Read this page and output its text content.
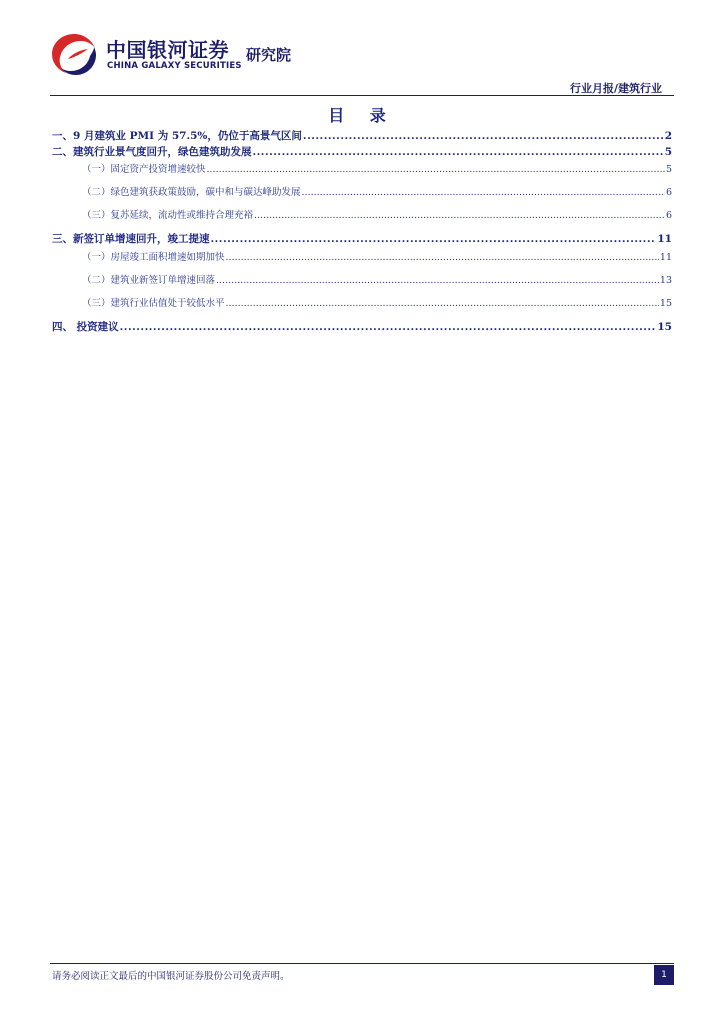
中国银河证券
CHINA GALAXY SECURITIES
研究院
行业月报/建筑行业
目 录
一、9 月建筑业 PMI 为 57.5%，仍位于高景气区间 .....	2
二、建筑行业景气度回升，绿色建筑助发展 .....	5
（一）固定资产投资增速较快 .....	5
（二）绿色建筑获政策鼓励，碳中和与碳达峰助发展 .....	6
（三）复苏延续，流动性或维持合理充裕 .....	6
三、新签订单增速回升，竣工提速 .....	11
（一）房屋竣工面积增速如期加快 .....	11
（二）建筑业新签订单增速回落 .....	13
（三）建筑行业估值处于较低水平 .....	15
四、 投资建议 .....	15
请务必阅读正文最后的中国银河证券股份公司免责声明。	1
